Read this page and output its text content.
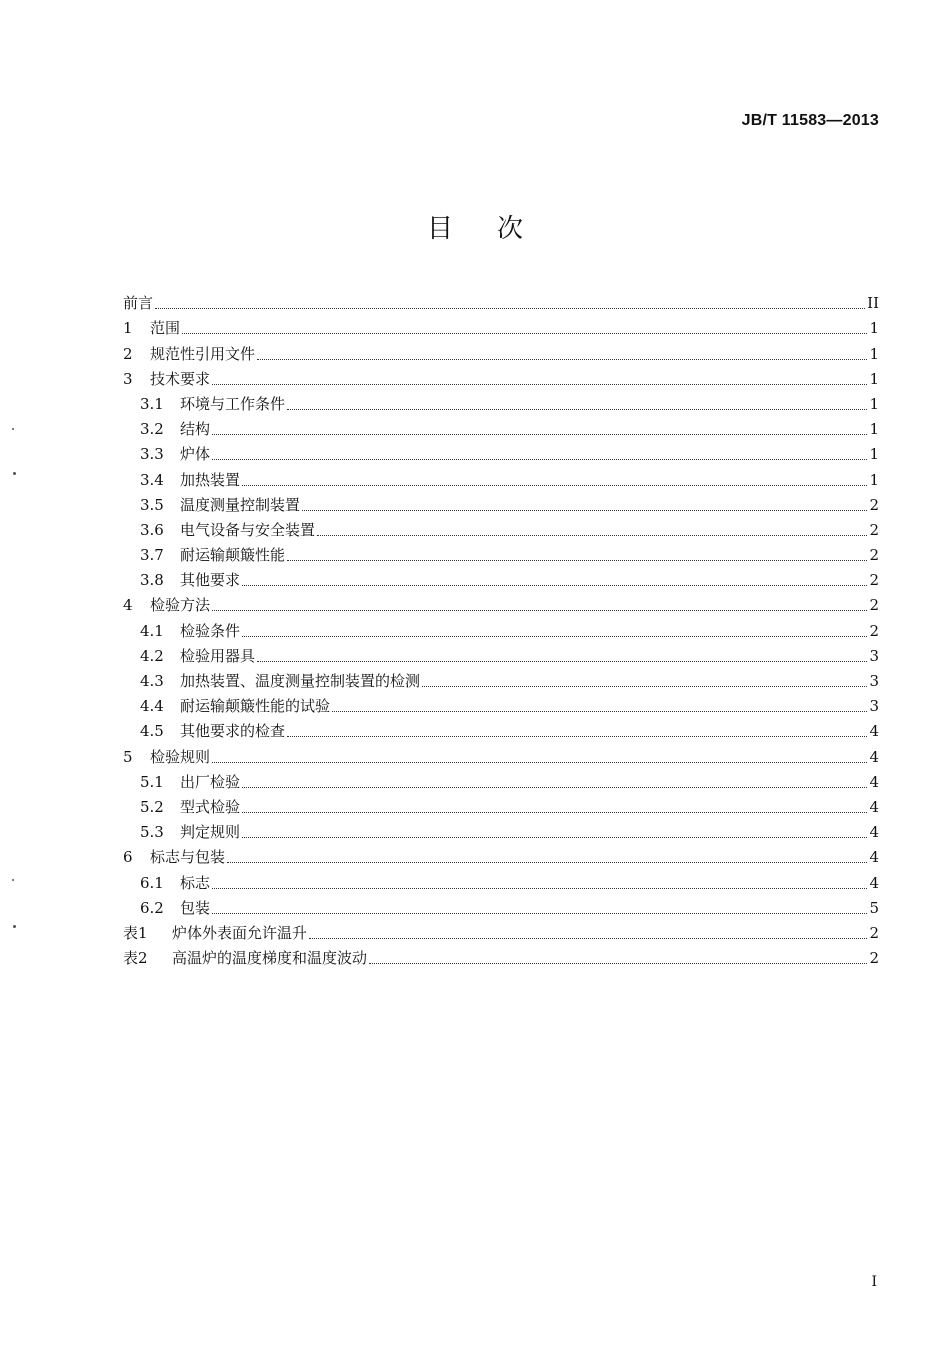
JB/T 11583—2013
目次
前言	II
1	范围	1
2	规范性引用文件	1
3	技术要求	1
3.1	环境与工作条件	1
3.2	结构	1
3.3	炉体	1
3.4	加热装置	1
3.5	温度测量控制装置	2
3.6	电气设备与安全装置	2
3.7	耐运输颠簸性能	2
3.8	其他要求	2
4	检验方法	2
4.1	检验条件	2
4.2	检验用器具	3
4.3	加热装置、温度测量控制装置的检测	3
4.4	耐运输颠簸性能的试验	3
4.5	其他要求的检查	4
5	检验规则	4
5.1	出厂检验	4
5.2	型式检验	4
5.3	判定规则	4
6	标志与包装	4
6.1	标志	4
6.2	包装	5
表1	炉体外表面允许温升	2
表2	高温炉的温度梯度和温度波动	2
I
